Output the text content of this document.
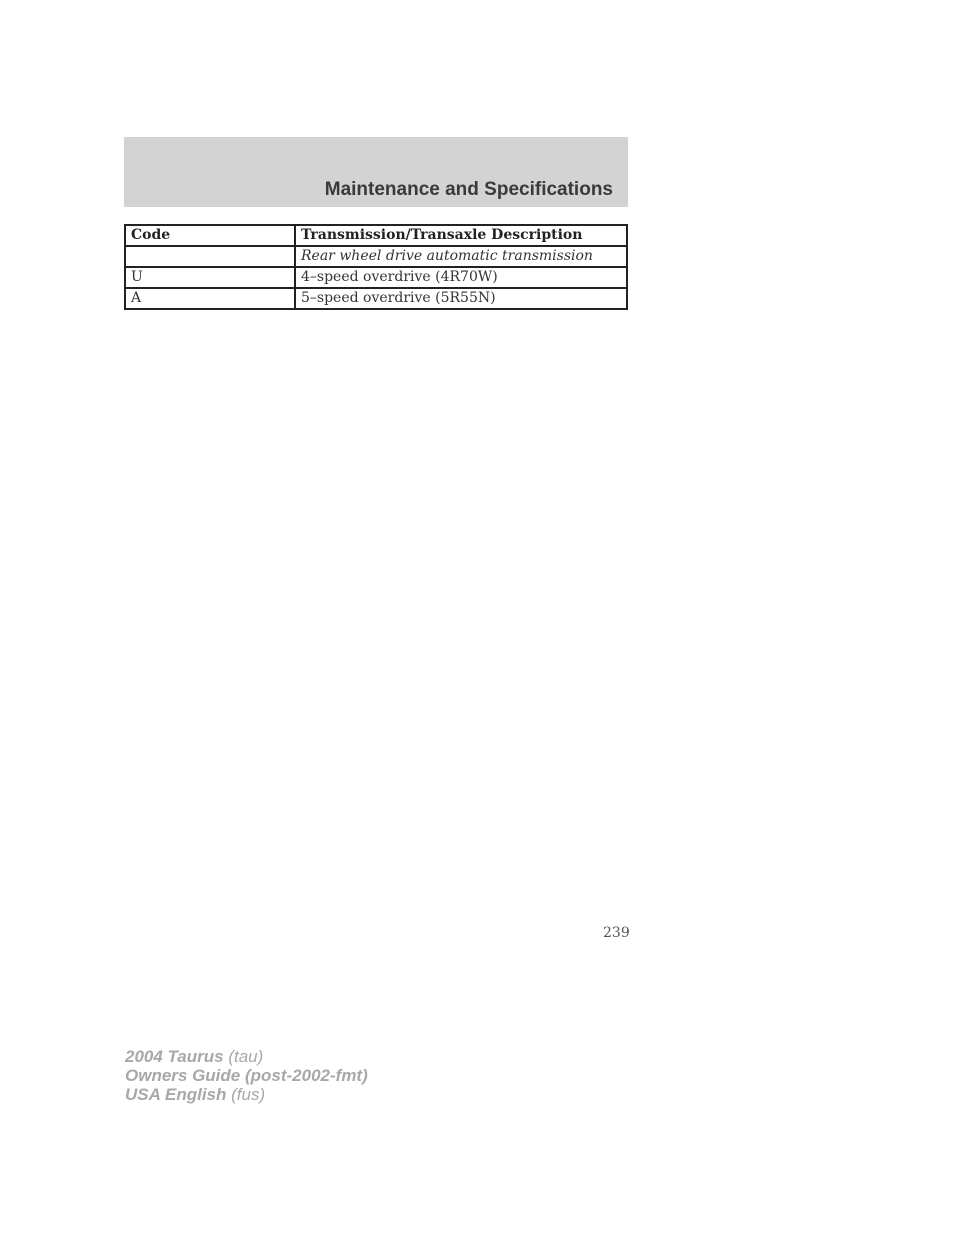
Maintenance and Specifications
Code	Transmission/Transaxle Description
	Rear wheel drive automatic transmission
U	4–speed overdrive (4R70W)
A	5–speed overdrive (5R55N)
239
2004 Taurus (tau)
Owners Guide (post-2002-fmt)
USA English (fus)
